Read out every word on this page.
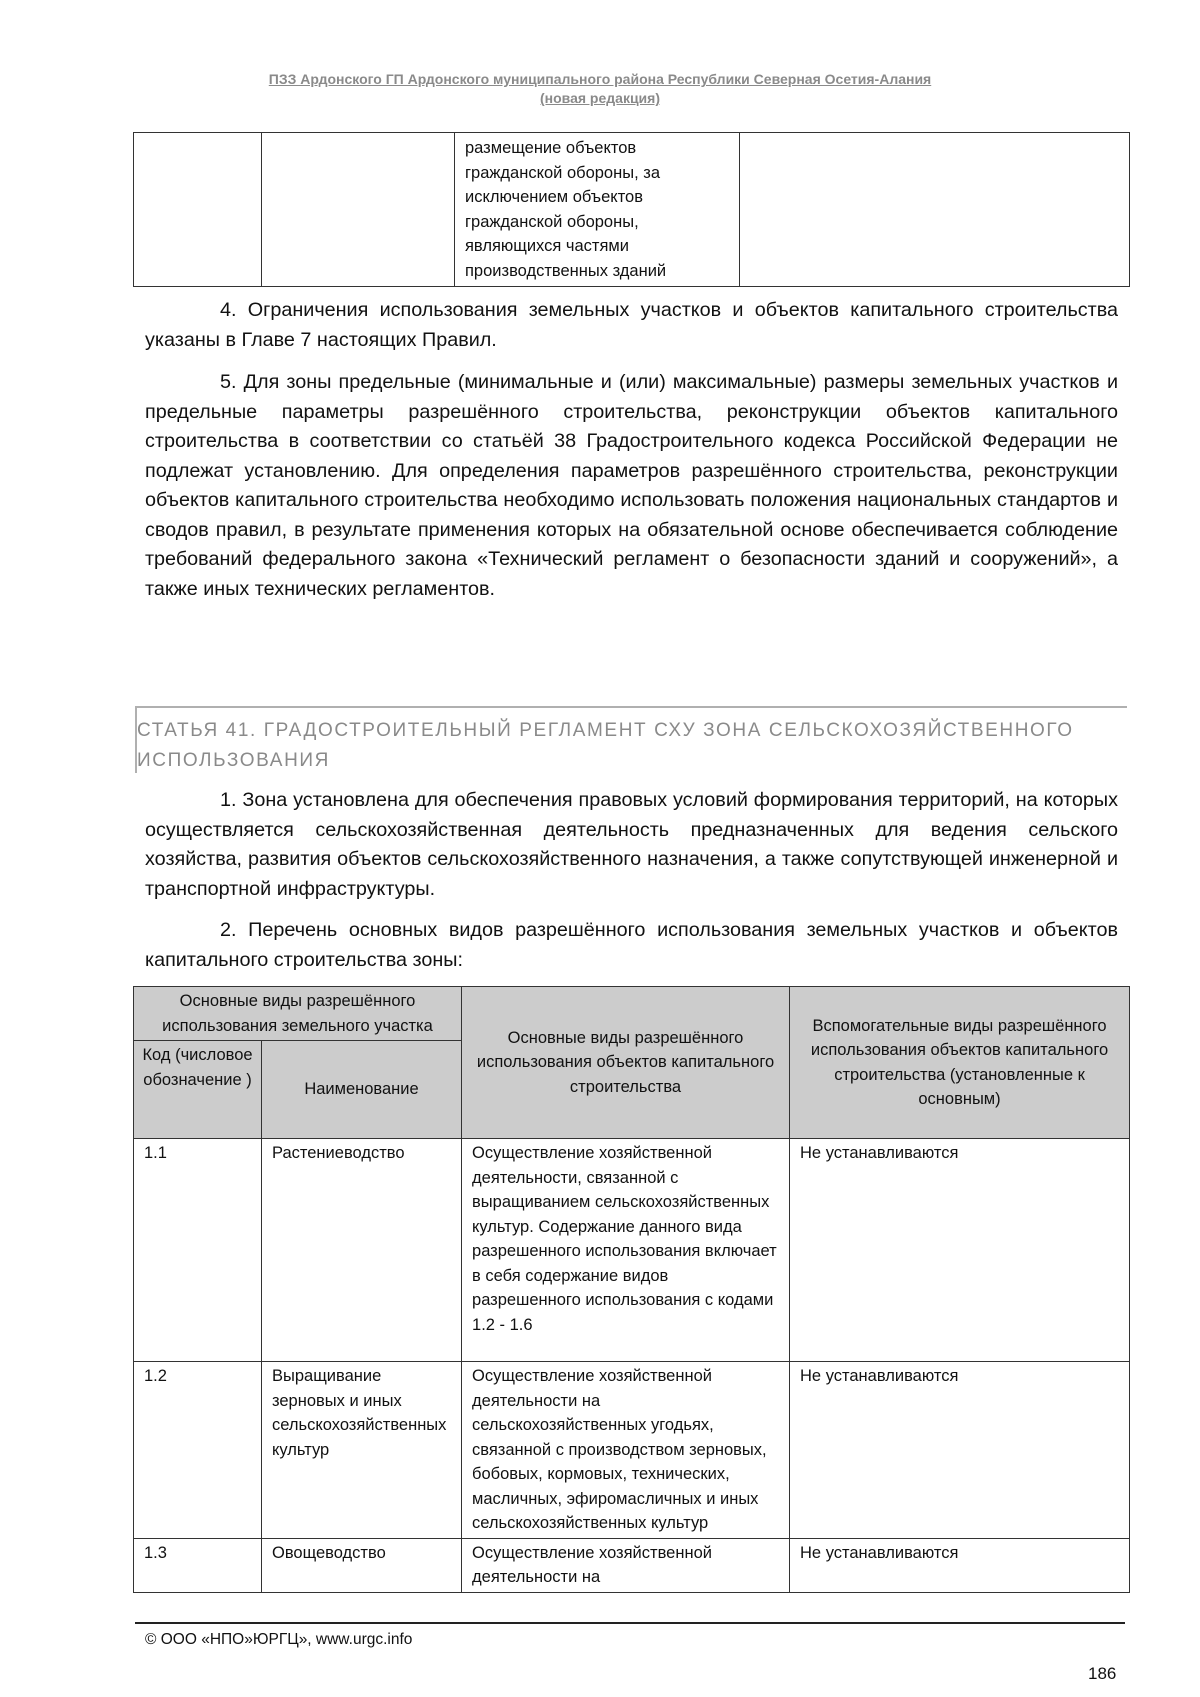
ПЗЗ Ардонского ГП Ардонского муниципального района Республики Северная Осетия-Алания
(новая редакция)
		размещение объектов гражданской обороны, за исключением объектов гражданской обороны, являющихся частями производственных зданий	

4. Ограничения использования земельных участков и объектов капитального строительства указаны в Главе 7 настоящих Правил.

5. Для зоны предельные (минимальные и (или) максимальные) размеры земельных участков и предельные параметры разрешённого строительства, реконструкции объектов капитального строительства в соответствии со статьёй 38 Градостроительного кодекса Российской Федерации не подлежат установлению. Для определения параметров разрешённого строительства, реконструкции объектов капитального строительства необходимо использовать положения национальных стандартов и сводов правил, в результате применения которых на обязательной основе обеспечивается соблюдение требований федерального закона «Технический регламент о безопасности зданий и сооружений», а также иных технических регламентов.

СТАТЬЯ 41. ГРАДОСТРОИТЕЛЬНЫЙ РЕГЛАМЕНТ СХУ ЗОНА СЕЛЬСКОХОЗЯЙСТВЕННОГО
ИСПОЛЬЗОВАНИЯ

1. Зона установлена для обеспечения правовых условий формирования территорий, на которых осуществляется сельскохозяйственная деятельность предназначенных для ведения сельского хозяйства, развития объектов сельскохозяйственного назначения, а также сопутствующей инженерной и транспортной инфраструктуры.

2. Перечень основных видов разрешённого использования земельных участков и объектов капитального строительства зоны:

Основные виды разрешённого использования земельного участка		Основные виды разрешённого использования объектов капитального строительства	Вспомогательные виды разрешённого использования объектов капитального строительства (установленные к основным)
Код (числовое обозначение )	Наименование		
1.1	Растениеводство	Осуществление хозяйственной деятельности, связанной с выращиванием сельскохозяйственных культур. Содержание данного вида разрешенного использования включает в себя содержание видов разрешенного использования с кодами 1.2 - 1.6	Не устанавливаются
1.2	Выращивание зерновых и иных сельскохозяйственных культур	Осуществление хозяйственной деятельности на сельскохозяйственных угодьях, связанной с производством зерновых, бобовых, кормовых, технических, масличных, эфиромасличных и иных сельскохозяйственных культур	Не устанавливаются
1.3	Овощеводство	Осуществление хозяйственной деятельности на	Не устанавливаются
© ООО «НПО»ЮРГЦ», www.urgc.info
186
